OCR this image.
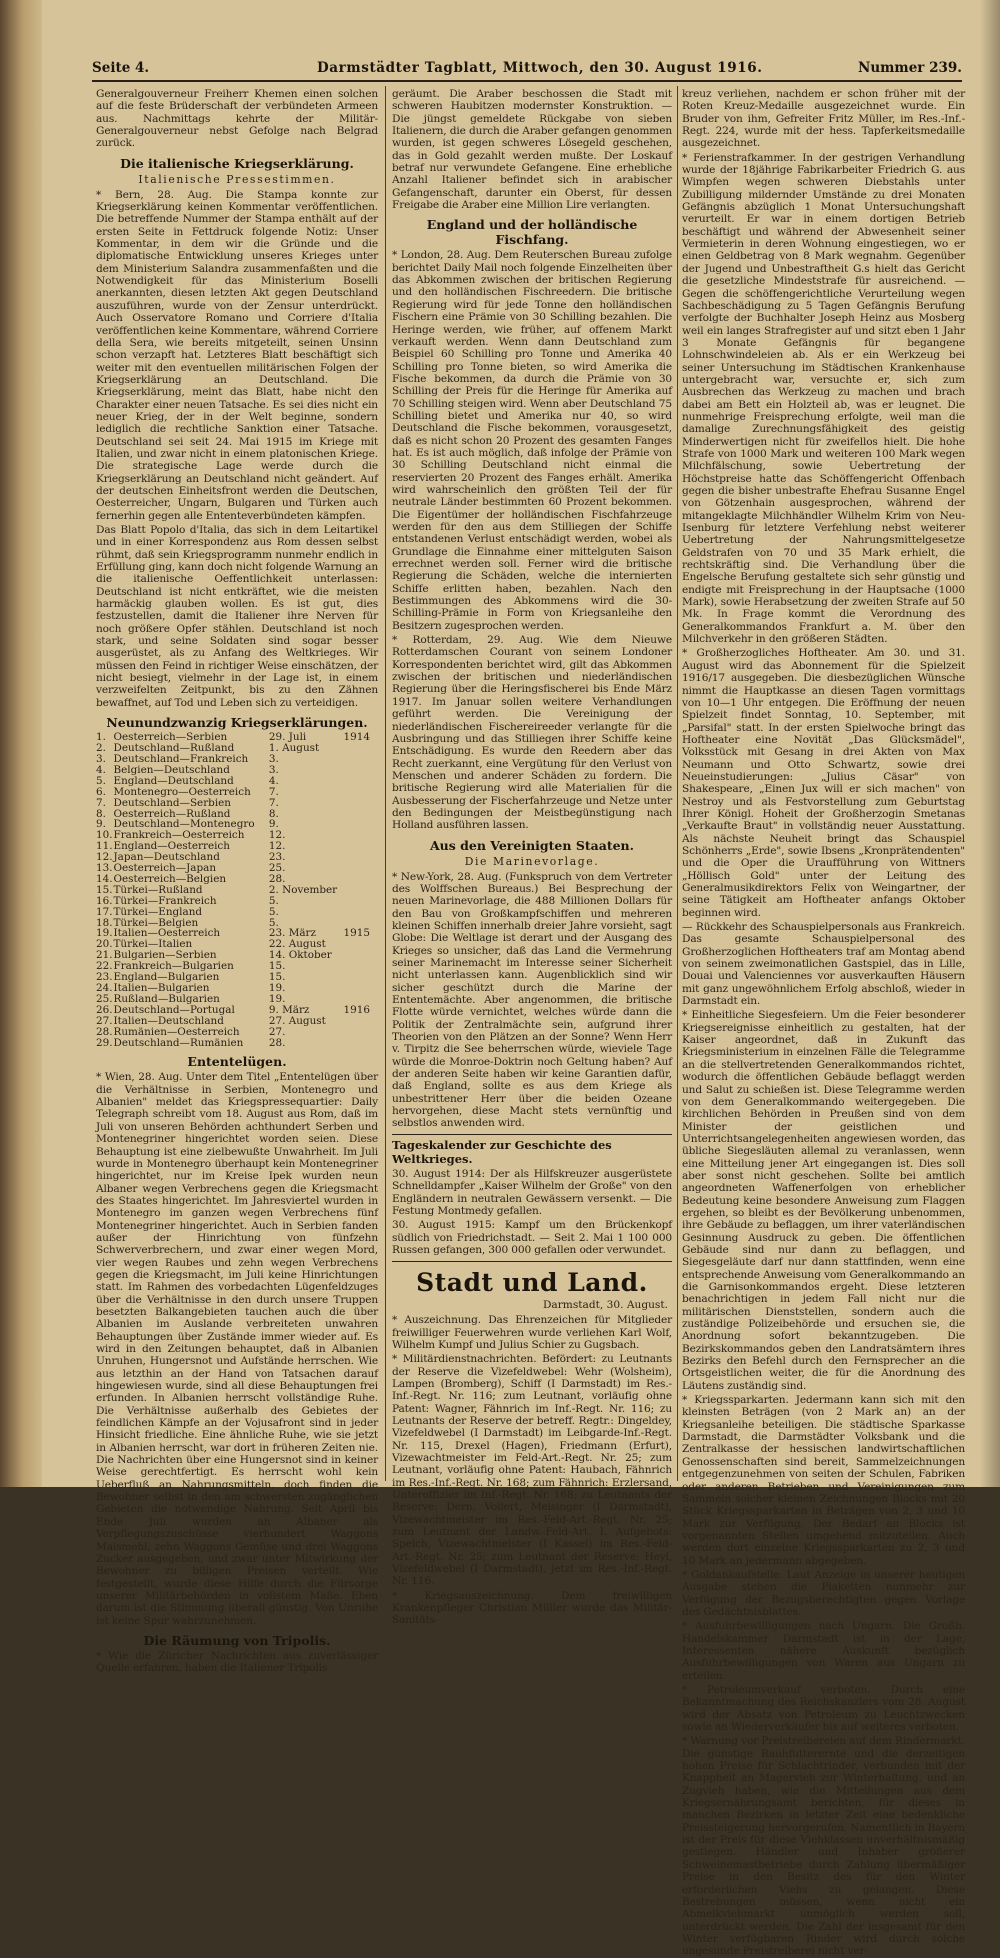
Seite 4.	Darmstädter Tagblatt, Mittwoch, den 30. August 1916.	Nummer 239.

Generalgouverneur Freiherr Khemen einen solchen auf die feste Brüderschaft der verbündeten Armeen aus. Nachmittags kehrte der Militär-Generalgouverneur nebst Gefolge nach Belgrad zurück.

Die italienische Kriegserklärung.
Italienische Pressestimmen.

* Bern, 28. Aug. Die Stampa konnte zur Kriegserklärung keinen Kommentar veröffentlichen. Die betreffende Nummer der Stampa enthält auf der ersten Seite in Fettdruck folgende Notiz: Unser Kommentar, in dem wir die Gründe und die diplomatische Entwicklung unseres Krieges unter dem Ministerium Salandra zusammenfaßten und die Notwendigkeit für das Ministerium Boselli anerkannten, diesen letzten Akt gegen Deutschland auszuführen, wurde von der Zensur unterdrückt. Auch Osservatore Romano und Corriere d'Italia veröffentlichen keine Kommentare, während Corriere della Sera, wie bereits mitgeteilt, seinen Unsinn schon verzapft hat. Letzteres Blatt beschäftigt sich weiter mit den eventuellen militärischen Folgen der Kriegserklärung an Deutschland. Die Kriegserklärung, meint das Blatt, habe nicht den Charakter einer neuen Tatsache. Es sei dies nicht ein neuer Krieg, der in der Welt beginne, sondern lediglich die rechtliche Sanktion einer Tatsache. Deutschland sei seit 24. Mai 1915 im Kriege mit Italien, und zwar nicht in einem platonischen Kriege. Die strategische Lage werde durch die Kriegserklärung an Deutschland nicht geändert. Auf der deutschen Einheitsfront werden die Deutschen, Oesterreicher, Ungarn, Bulgaren und Türken auch fernerhin gegen alle Ententeverbündeten kämpfen.

Das Blatt Popolo d'Italia, das sich in dem Leitartikel und in einer Korrespondenz aus Rom dessen selbst rühmt, daß sein Kriegsprogramm nunmehr endlich in Erfüllung ging, kann doch nicht folgende Warnung an die italienische Oeffentlichkeit unterlassen: Deutschland ist nicht entkräftet, wie die meisten harmäckig glauben wollen. Es ist gut, dies festzustellen, damit die Italiener ihre Nerven für noch größere Opfer stählen. Deutschland ist noch stark, und seine Soldaten sind sogar besser ausgerüstet, als zu Anfang des Weltkrieges. Wir müssen den Feind in richtiger Weise einschätzen, der nicht besiegt, vielmehr in der Lage ist, in einem verzweifelten Zeitpunkt, bis zu den Zähnen bewaffnet, auf Tod und Leben sich zu verteidigen.

Neunundzwanzig Kriegserklärungen.
1.	Oesterreich—Serbien	29. Juli	1914
2.	Deutschland—Rußland	1. August	
3.	Deutschland—Frankreich	3.	
4.	Belgien—Deutschland	3.	
5.	England—Deutschland	4.	
6.	Montenegro—Oesterreich	7.	
7.	Deutschland—Serbien	7.	
8.	Oesterreich—Rußland	8.	
9.	Deutschland—Montenegro	9.	
10.	Frankreich—Oesterreich	12.	
11.	England—Oesterreich	12.	
12.	Japan—Deutschland	23.	
13.	Oesterreich—Japan	25.	
14.	Oesterreich—Belgien	28.	
15.	Türkei—Rußland	2. November	
16.	Türkei—Frankreich	5.	
17.	Türkei—England	5.	
18.	Türkei—Belgien	5.	
19.	Italien—Oesterreich	23. März	1915
20.	Türkei—Italien	22. August	
21.	Bulgarien—Serbien	14. Oktober	
22.	Frankreich—Bulgarien	15.	
23.	England—Bulgarien	15.	
24.	Italien—Bulgarien	19.	
25.	Rußland—Bulgarien	19.	
26.	Deutschland—Portugal	9. März	1916
27.	Italien—Deutschland	27. August	
28.	Rumänien—Oesterreich	27.	
29.	Deutschland—Rumänien	28.	
Ententelügen.

* Wien, 28. Aug. Unter dem Titel „Ententelügen über die Verhältnisse in Serbien, Montenegro und Albanien" meldet das Kriegspressequartier: Daily Telegraph schreibt vom 18. August aus Rom, daß im Juli von unseren Behörden achthundert Serben und Montenegriner hingerichtet worden seien. Diese Behauptung ist eine zielbewußte Unwahrheit. Im Juli wurde in Montenegro überhaupt kein Montenegriner hingerichtet, nur im Kreise Ipek wurden neun Albaner wegen Verbrechens gegen die Kriegsmacht des Staates hingerichtet. Im Jahresviertel wurden in Montenegro im ganzen wegen Verbrechens fünf Montenegriner hingerichtet. Auch in Serbien fanden außer der Hinrichtung von fünfzehn Schwerverbrechern, und zwar einer wegen Mord, vier wegen Raubes und zehn wegen Verbrechens gegen die Kriegsmacht, im Juli keine Hinrichtungen statt. Im Rahmen des vorbedachten Lügenfeldzuges über die Verhältnisse in den durch unsere Truppen besetzten Balkangebieten tauchen auch die über Albanien im Auslande verbreiteten unwahren Behauptungen über Zustände immer wieder auf. Es wird in den Zeitungen behauptet, daß in Albanien Unruhen, Hungersnot und Aufstände herrschen. Wie aus letzthin an der Hand von Tatsachen darauf hingewiesen wurde, sind all diese Behauptungen frei erfunden. In Albanien herrscht vollständige Ruhe. Die Verhältnisse außerhalb des Gebietes der feindlichen Kämpfe an der Vojusafront sind in jeder Hinsicht friedliche. Eine ähnliche Ruhe, wie sie jetzt in Albanien herrscht, war dort in früheren Zeiten nie. Die Nachrichten über eine Hungersnot sind in keiner Weise gerechtfertigt. Es herrscht wohl kein Ueberfluß an Nahrungsmitteln, doch finden die Bewohner selbst in den am schwersten zugänglichen Gebieten die notwendige Nahrung. Seit April bis Ende Juli wurden an Albaner als Verpflegungszuschüsse vierhundert Waggons Maismehl, zehn Waggons Gemüse und drei Waggons Zucker ausgegeben, und zwar unter Mitwirkung der Bewohner zu billigen Preisen verteilt. Wie festgestellt, wurde diese Hilfe durch die Fürsorge unserer Militärbehörden in vollstem Maße. Eben darum ist die Stimmung überall günstig. Von Unruhe ist keine Spur wahrzunehmen.

Die Räumung von Tripolis.

* Wie die Züricher Nachrichten aus zuverlässiger Quelle erfahren, haben die Italiener Tripolis

geräumt. Die Araber beschossen die Stadt mit schweren Haubitzen modernster Konstruktion. — Die jüngst gemeldete Rückgabe von sieben Italienern, die durch die Araber gefangen genommen wurden, ist gegen schweres Lösegeld geschehen, das in Gold gezahlt werden mußte. Der Loskauf betraf nur verwundete Gefangene. Eine erhebliche Anzahl Italiener befindet sich in arabischer Gefangenschaft, darunter ein Oberst, für dessen Freigabe die Araber eine Million Lire verlangten.

England und der holländische Fischfang.

* London, 28. Aug. Dem Reuterschen Bureau zufolge berichtet Daily Mail noch folgende Einzelheiten über das Abkommen zwischen der britischen Regierung und den holländischen Fischreedern. Die britische Regierung wird für jede Tonne den holländischen Fischern eine Prämie von 30 Schilling bezahlen. Die Heringe werden, wie früher, auf offenem Markt verkauft werden. Wenn dann Deutschland zum Beispiel 60 Schilling pro Tonne und Amerika 40 Schilling pro Tonne bieten, so wird Amerika die Fische bekommen, da durch die Prämie von 30 Schilling der Preis für die Heringe für Amerika auf 70 Schilling steigen wird. Wenn aber Deutschland 75 Schilling bietet und Amerika nur 40, so wird Deutschland die Fische bekommen, vorausgesetzt, daß es nicht schon 20 Prozent des gesamten Fanges hat. Es ist auch möglich, daß infolge der Prämie von 30 Schilling Deutschland nicht einmal die reservierten 20 Prozent des Fanges erhält. Amerika wird wahrscheinlich den größten Teil der für neutrale Länder bestimmten 60 Prozent bekommen. Die Eigentümer der holländischen Fischfahrzeuge werden für den aus dem Stilliegen der Schiffe entstandenen Verlust entschädigt werden, wobei als Grundlage die Einnahme einer mittelguten Saison errechnet werden soll. Ferner wird die britische Regierung die Schäden, welche die internierten Schiffe erlitten haben, bezahlen. Nach den Bestimmungen des Abkommens wird die 30-Schilling-Prämie in Form von Kriegsanleihe den Besitzern zugesprochen werden.

* Rotterdam, 29. Aug. Wie dem Nieuwe Rotterdamschen Courant von seinem Londoner Korrespondenten berichtet wird, gilt das Abkommen zwischen der britischen und niederländischen Regierung über die Heringsfischerei bis Ende März 1917. Im Januar sollen weitere Verhandlungen geführt werden. Die Vereinigung der niederländischen Fischereireeder verlangte für die Ausbringung und das Stilliegen ihrer Schiffe keine Entschädigung. Es wurde den Reedern aber das Recht zuerkannt, eine Vergütung für den Verlust von Menschen und anderer Schäden zu fordern. Die britische Regierung wird alle Materialien für die Ausbesserung der Fischerfahrzeuge und Netze unter den Bedingungen der Meistbegünstigung nach Holland ausführen lassen.

Aus den Vereinigten Staaten.
Die Marinevorlage.

* New-York, 28. Aug. (Funkspruch von dem Vertreter des Wolffschen Bureaus.) Bei Besprechung der neuen Marinevorlage, die 488 Millionen Dollars für den Bau von Großkampfschiffen und mehreren kleinen Schiffen innerhalb dreier Jahre vorsieht, sagt Globe: Die Weltlage ist derart und der Ausgang des Krieges so unsicher, daß das Land die Vermehrung seiner Marinemacht im Interesse seiner Sicherheit nicht unterlassen kann. Augenblicklich sind wir sicher geschützt durch die Marine der Ententemächte. Aber angenommen, die britische Flotte würde vernichtet, welches würde dann die Politik der Zentralmächte sein, aufgrund ihrer Theorien von den Plätzen an der Sonne? Wenn Herr v. Tirpitz die See beherrschen würde, wieviele Tage würde die Monroe-Doktrin noch Geltung haben? Auf der anderen Seite haben wir keine Garantien dafür, daß England, sollte es aus dem Kriege als unbestrittener Herr über die beiden Ozeane hervorgehen, diese Macht stets vernünftig und selbstlos anwenden wird.

Tageskalender zur Geschichte des Weltkrieges.

30. August 1914: Der als Hilfskreuzer ausgerüstete Schnelldampfer „Kaiser Wilhelm der Große" von den Engländern in neutralen Gewässern versenkt. — Die Festung Montmedy gefallen.

30. August 1915: Kampf um den Brückenkopf südlich von Friedrichstadt. — Seit 2. Mai 1 100 000 Russen gefangen, 300 000 gefallen oder verwundet.

Stadt und Land.
Darmstadt, 30. August.

* Auszeichnung. Das Ehrenzeichen für Mitglieder freiwilliger Feuerwehren wurde verliehen Karl Wolf, Wilhelm Kumpf und Julius Schier zu Gugsbach.

* Militärdienstnachrichten. Befördert: zu Leutnants der Reserve die Vizefeldwebel: Wehr (Wolsheim), Lampen (Bromberg), Schiff (I Darmstadt) im Res.-Inf.-Regt. Nr. 116; zum Leutnant, vorläufig ohne Patent: Wagner, Fähnrich im Inf.-Regt. Nr. 116; zu Leutnants der Reserve der betreff. Regtr.: Dingeldey, Vizefeldwebel (I Darmstadt) im Leibgarde-Inf.-Regt. Nr. 115, Drexel (Hagen), Friedmann (Erfurt), Vizewachtmeister im Feld-Art.-Regt. Nr. 25; zum Leutnant, vorläufig ohne Patent: Haubach, Fähnrich im Res.-Inf.-Regt. Nr. 168; zum Fähnrich: Erzlersand, Unteroffizier im Inf.-Regt. Nr. 168; zu Leutnants der Reserve: Dern, Vollert, Meisinger (I Darmstadt), Vizewachtmeister im Res.-Feld-Art.-Regt. Nr. 25; zum Leutnant der Landw.-Feld-Art. I. Aufgebots: Speich, Vizewachtmeister (I Kassel) im Res.-Feld-Art.-Regt. Nr. 25; zum Leutnant der Reserve: Heyl, Vizefeldwebel (I Darmstadt), jetzt im Res.-Inf.-Regt. Nr. 116.

* Kriegsauszeichnung. Dem freiwilligen Krankenpfleger Christian Müller wurde das Militär-Sanitäts-

kreuz verliehen, nachdem er schon früher mit der Roten Kreuz-Medaille ausgezeichnet wurde. Ein Bruder von ihm, Gefreiter Fritz Müller, im Res.-Inf.-Regt. 224, wurde mit der hess. Tapferkeitsmedaille ausgezeichnet.

* Ferienstrafkammer. In der gestrigen Verhandlung wurde der 18jährige Fabrikarbeiter Friedrich G. aus Wimpfen wegen schweren Diebstahls unter Zubilligung mildernder Umstände zu drei Monaten Gefängnis abzüglich 1 Monat Untersuchungshaft verurteilt. Er war in einem dortigen Betrieb beschäftigt und während der Abwesenheit seiner Vermieterin in deren Wohnung eingestiegen, wo er einen Geldbetrag von 8 Mark wegnahm. Gegenüber der Jugend und Unbestraftheit G.s hielt das Gericht die gesetzliche Mindeststrafe für ausreichend. — Gegen die schöffengerichtliche Verurteilung wegen Sachbeschädigung zu 5 Tagen Gefängnis Berufung verfolgte der Buchhalter Joseph Heinz aus Mosberg weil ein langes Strafregister auf und sitzt eben 1 Jahr 3 Monate Gefängnis für begangene Lohnschwindeleien ab. Als er ein Werkzeug bei seiner Untersuchung im Städtischen Krankenhause untergebracht war, versuchte er, sich zum Ausbrechen das Werkzeug zu machen und brach dabei am Bett ein Holzteil ab, was er leugnet. Die nunmehrige Freisprechung erfolgte, weil man die damalige Zurechnungsfähigkeit des geistig Minderwertigen nicht für zweifellos hielt. Die hohe Strafe von 1000 Mark und weiteren 100 Mark wegen Milchfälschung, sowie Uebertretung der Höchstpreise hatte das Schöffengericht Offenbach gegen die bisher unbestrafte Ehefrau Susanne Engel von Götzenhain ausgesprochen, während der mitangeklagte Milchhändler Wilhelm Krim von Neu-Isenburg für letztere Verfehlung nebst weiterer Uebertretung der Nahrungsmittelgesetze Geldstrafen von 70 und 35 Mark erhielt, die rechtskräftig sind. Die Verhandlung über die Engelsche Berufung gestaltete sich sehr günstig und endigte mit Freisprechung in der Hauptsache (1000 Mark), sowie Herabsetzung der zweiten Strafe auf 50 Mk. In Frage kommt die Verordnung des Generalkommandos Frankfurt a. M. über den Milchverkehr in den größeren Städten.

* Großherzogliches Hoftheater. Am 30. und 31. August wird das Abonnement für die Spielzeit 1916/17 ausgegeben. Die diesbezüglichen Wünsche nimmt die Hauptkasse an diesen Tagen vormittags von 10—1 Uhr entgegen. Die Eröffnung der neuen Spielzeit findet Sonntag, 10. September, mit „Parsifal" statt. In der ersten Spielwoche bringt das Hoftheater eine Novität „Das Glücksmädel", Volksstück mit Gesang in drei Akten von Max Neumann und Otto Schwartz, sowie drei Neueinstudierungen: „Julius Cäsar" von Shakespeare, „Einen Jux will er sich machen" von Nestroy und als Festvorstellung zum Geburtstag Ihrer Königl. Hoheit der Großherzogin Smetanas „Verkaufte Braut" in vollständig neuer Ausstattung. Als nächste Neuheit bringt das Schauspiel Schönherrs „Erde", sowie Ibsens „Kronprätendenten" und die Oper die Uraufführung von Wittners „Höllisch Gold" unter der Leitung des Generalmusikdirektors Felix von Weingartner, der seine Tätigkeit am Hoftheater anfangs Oktober beginnen wird.

— Rückkehr des Schauspielpersonals aus Frankreich. Das gesamte Schauspielpersonal des Großherzoglichen Hoftheaters traf am Montag abend von seinem zweimonatlichen Gastspiel, das in Lille, Douai und Valenciennes vor ausverkauften Häusern mit ganz ungewöhnlichem Erfolg abschloß, wieder in Darmstadt ein.

* Einheitliche Siegesfeiern. Um die Feier besonderer Kriegsereignisse einheitlich zu gestalten, hat der Kaiser angeordnet, daß in Zukunft das Kriegsministerium in einzelnen Fälle die Telegramme an die stellvertretenden Generalkommandos richtet, wodurch die öffentlichen Gebäude beflaggt werden und Salut zu schießen ist. Diese Telegramme werden von dem Generalkommando weitergegeben. Die kirchlichen Behörden in Preußen sind von dem Minister der geistlichen und Unterrichtsangelegenheiten angewiesen worden, das übliche Siegesläuten allemal zu veranlassen, wenn eine Mitteilung jener Art eingegangen ist. Dies soll aber sonst nicht geschehen. Sollte bei amtlich angeordneten Waffenerfolgen von erheblicher Bedeutung keine besondere Anweisung zum Flaggen ergehen, so bleibt es der Bevölkerung unbenommen, ihre Gebäude zu beflaggen, um ihrer vaterländischen Gesinnung Ausdruck zu geben. Die öffentlichen Gebäude sind nur dann zu beflaggen, und Siegesgeläute darf nur dann stattfinden, wenn eine entsprechende Anweisung vom Generalkommando an die Garnisonkommandos ergeht. Diese letzteren benachrichtigen in jedem Fall nicht nur die militärischen Dienststellen, sondern auch die zuständige Polizeibehörde und ersuchen sie, die Anordnung sofort bekanntzugeben. Die Bezirkskommandos geben den Landratsämtern ihres Bezirks den Befehl durch den Fernsprecher an die Ortsgeistlichen weiter, die für die Anordnung des Läutens zuständig sind.

* Kriegssparkarten. Jedermann kann sich mit den kleinsten Beträgen (von 2 Mark an) an der Kriegsanleihe beteiligen. Die städtische Sparkasse Darmstadt, die Darmstädter Volksbank und die Zentralkasse der hessischen landwirtschaftlichen Genossenschaften sind bereit, Sammelzeichnungen entgegenzunehmen von seiten der Schulen, Fabriken oder anderen Betrieben und Vereinigungen zum Sammeln solcher kleinen Zeichnungen Blocks mit 20 Stück Kriegssparkarten in Beträgen von 2, 3 und 10 Mark zur Verfügung. Der Bedarf an Blocks ist vorgenannten Stellen umgehend mitzuteilen. Auch werden dort einzelne Kriegssparkarten zu 2, 3 und 10 Mark an jedermann abgegeben.

* Goldankaufstelle. Laut Anzeige in unserer heutigen Ausgabe stehen die Plaketten nunmehr zur Verfügung der Bezugsberechtigten gegen Vorlage des Gedächtnisblattes.

* Ausfuhrbewilligungen nach Ungarn. Die Großh. Handelskammer Darmstadt ist in der Lage, Interessenten nähere Auskunft bezüglich Ausfuhrbewilligungen von Waren aus Ungarn zu erteilen.

* Petroleumverkauf verboten. Durch eine Bekanntmachung des Reichskanzlers vom 28. August wird der Absatz von Petroleum zu Leuchtzwecken sowie an Wiederverkäufer bis auf weiteres verboten.

* Warnung vor Preistreibereien auf dem Rindermarkt. Die günstige Rauhfutterernte und die derzeitigen hohen Preise für Schlachtrinder, verbunden mit der Knappheit an Magervieh zur Winterhaltung, und an Zugvieh haben, wie die Mitteilungen aus dem Kriegsernährungsamt berichten, für dieses in manchen Bezirken in letzter Zeit eine bedenkliche Preissteigerung hervorgerufen. Namentlich in Bayern ist der Preis für diese Viehklassen unverhältnismäßig gestiegen. Händler und Inhaber größerer Schweinemastbetriebe durch Zahlung übermäßiger Preise in den Besitz des für den Winter erforderlichen Viehs zu gelangen. Diese Bestrebungen müssen, wenn nicht ein Abmelkviehmarkt unmöglich werden soll, unterdrückt werden. Die Zahl der insgesamt für den Winter verfügbaren Rinder wird durch solche ungesunde Preistreiberei nicht ver-
